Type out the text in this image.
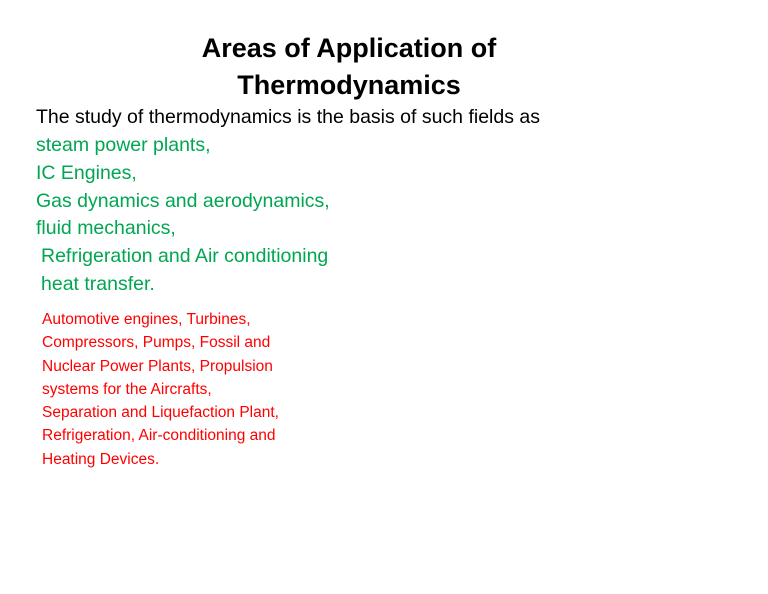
Areas of Application of
Thermodynamics

The study of thermodynamics is the basis of such fields as

steam power plants,
IC Engines,
Gas dynamics and aerodynamics,
fluid mechanics,
Refrigeration and Air conditioning
heat transfer.

Automotive engines, Turbines,
Compressors, Pumps, Fossil and
Nuclear Power Plants, Propulsion
systems for the Aircrafts,
Separation and Liquefaction Plant,
Refrigeration, Air-conditioning and
Heating Devices.
